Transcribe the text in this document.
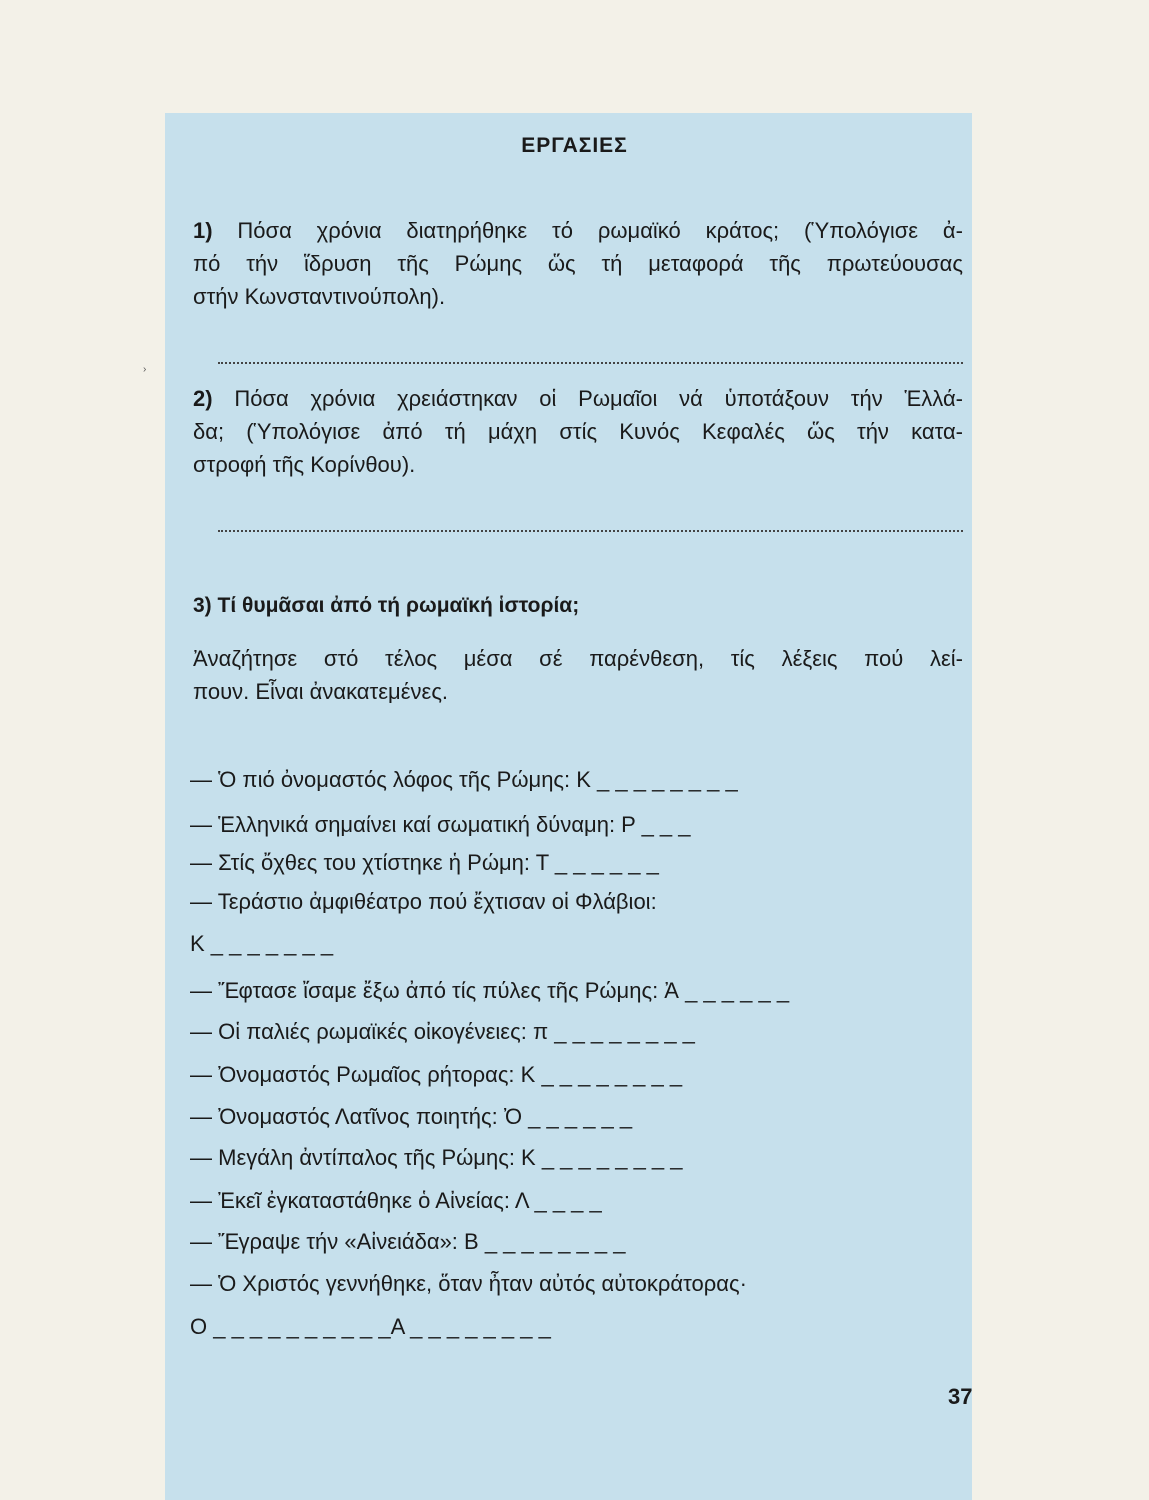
ΕΡΓΑΣΙΕΣ
1) Πόσα χρόνια διατηρήθηκε τό ρωμαϊκό κράτος; (Ὑπολόγισε ἀ-
πό τήν ἵδρυση τῆς Ρώμης ὥς τή μεταφορά τῆς πρωτεύουσας
στήν Κωνσταντινούπολη).
›
2) Πόσα χρόνια χρειάστηκαν οἱ Ρωμαῖοι νά ὑποτάξουν τήν Ἑλλά-
δα; (Ὑπολόγισε ἀπό τή μάχη στίς Κυνός Κεφαλές ὥς τήν κατα-
στροφή τῆς Κορίνθου).
3) Τί θυμᾶσαι ἀπό τή ρωμαϊκή ἱστορία;
Ἀναζήτησε στό τέλος μέσα σέ παρένθεση, τίς λέξεις πού λεί-
πουν. Εἶναι ἀνακατεμένες.
— Ὁ πιό ὀνομαστός λόφος τῆς Ρώμης: Κ _ _ _ _ _ _ _ _
— Ἑλληνικά σημαίνει καί σωματική δύναμη: Ρ _ _ _
— Στίς ὄχθες του χτίστηκε ἡ Ρώμη: Τ _ _ _ _ _ _
— Τεράστιο ἀμφιθέατρο πού ἔχτισαν οἱ Φλάβιοι:
Κ _ _ _ _ _ _ _
— Ἔφτασε ἴσαμε ἔξω ἀπό τίς πύλες τῆς Ρώμης: Ἀ _ _ _ _ _ _
— Οἱ παλιές ρωμαϊκές οἰκογένειες: π _ _ _ _ _ _ _ _
— Ὀνομαστός Ρωμαῖος ρήτορας: Κ _ _ _ _ _ _ _ _
— Ὀνομαστός Λατῖνος ποιητής: Ὀ _ _ _ _ _ _
— Μεγάλη ἀντίπαλος τῆς Ρώμης: Κ _ _ _ _ _ _ _ _
— Ἐκεῖ ἐγκαταστάθηκε ὁ Αἰνείας: Λ _ _ _ _
— Ἔγραψε τήν «Αἰνειάδα»: Β _ _ _ _ _ _ _ _
— Ὁ Χριστός γεννήθηκε, ὅταν ἦταν αὐτός αὐτοκράτορας·
Ο _ _ _ _ _ _ _ _ _ _Α _ _ _ _ _ _ _ _
37
